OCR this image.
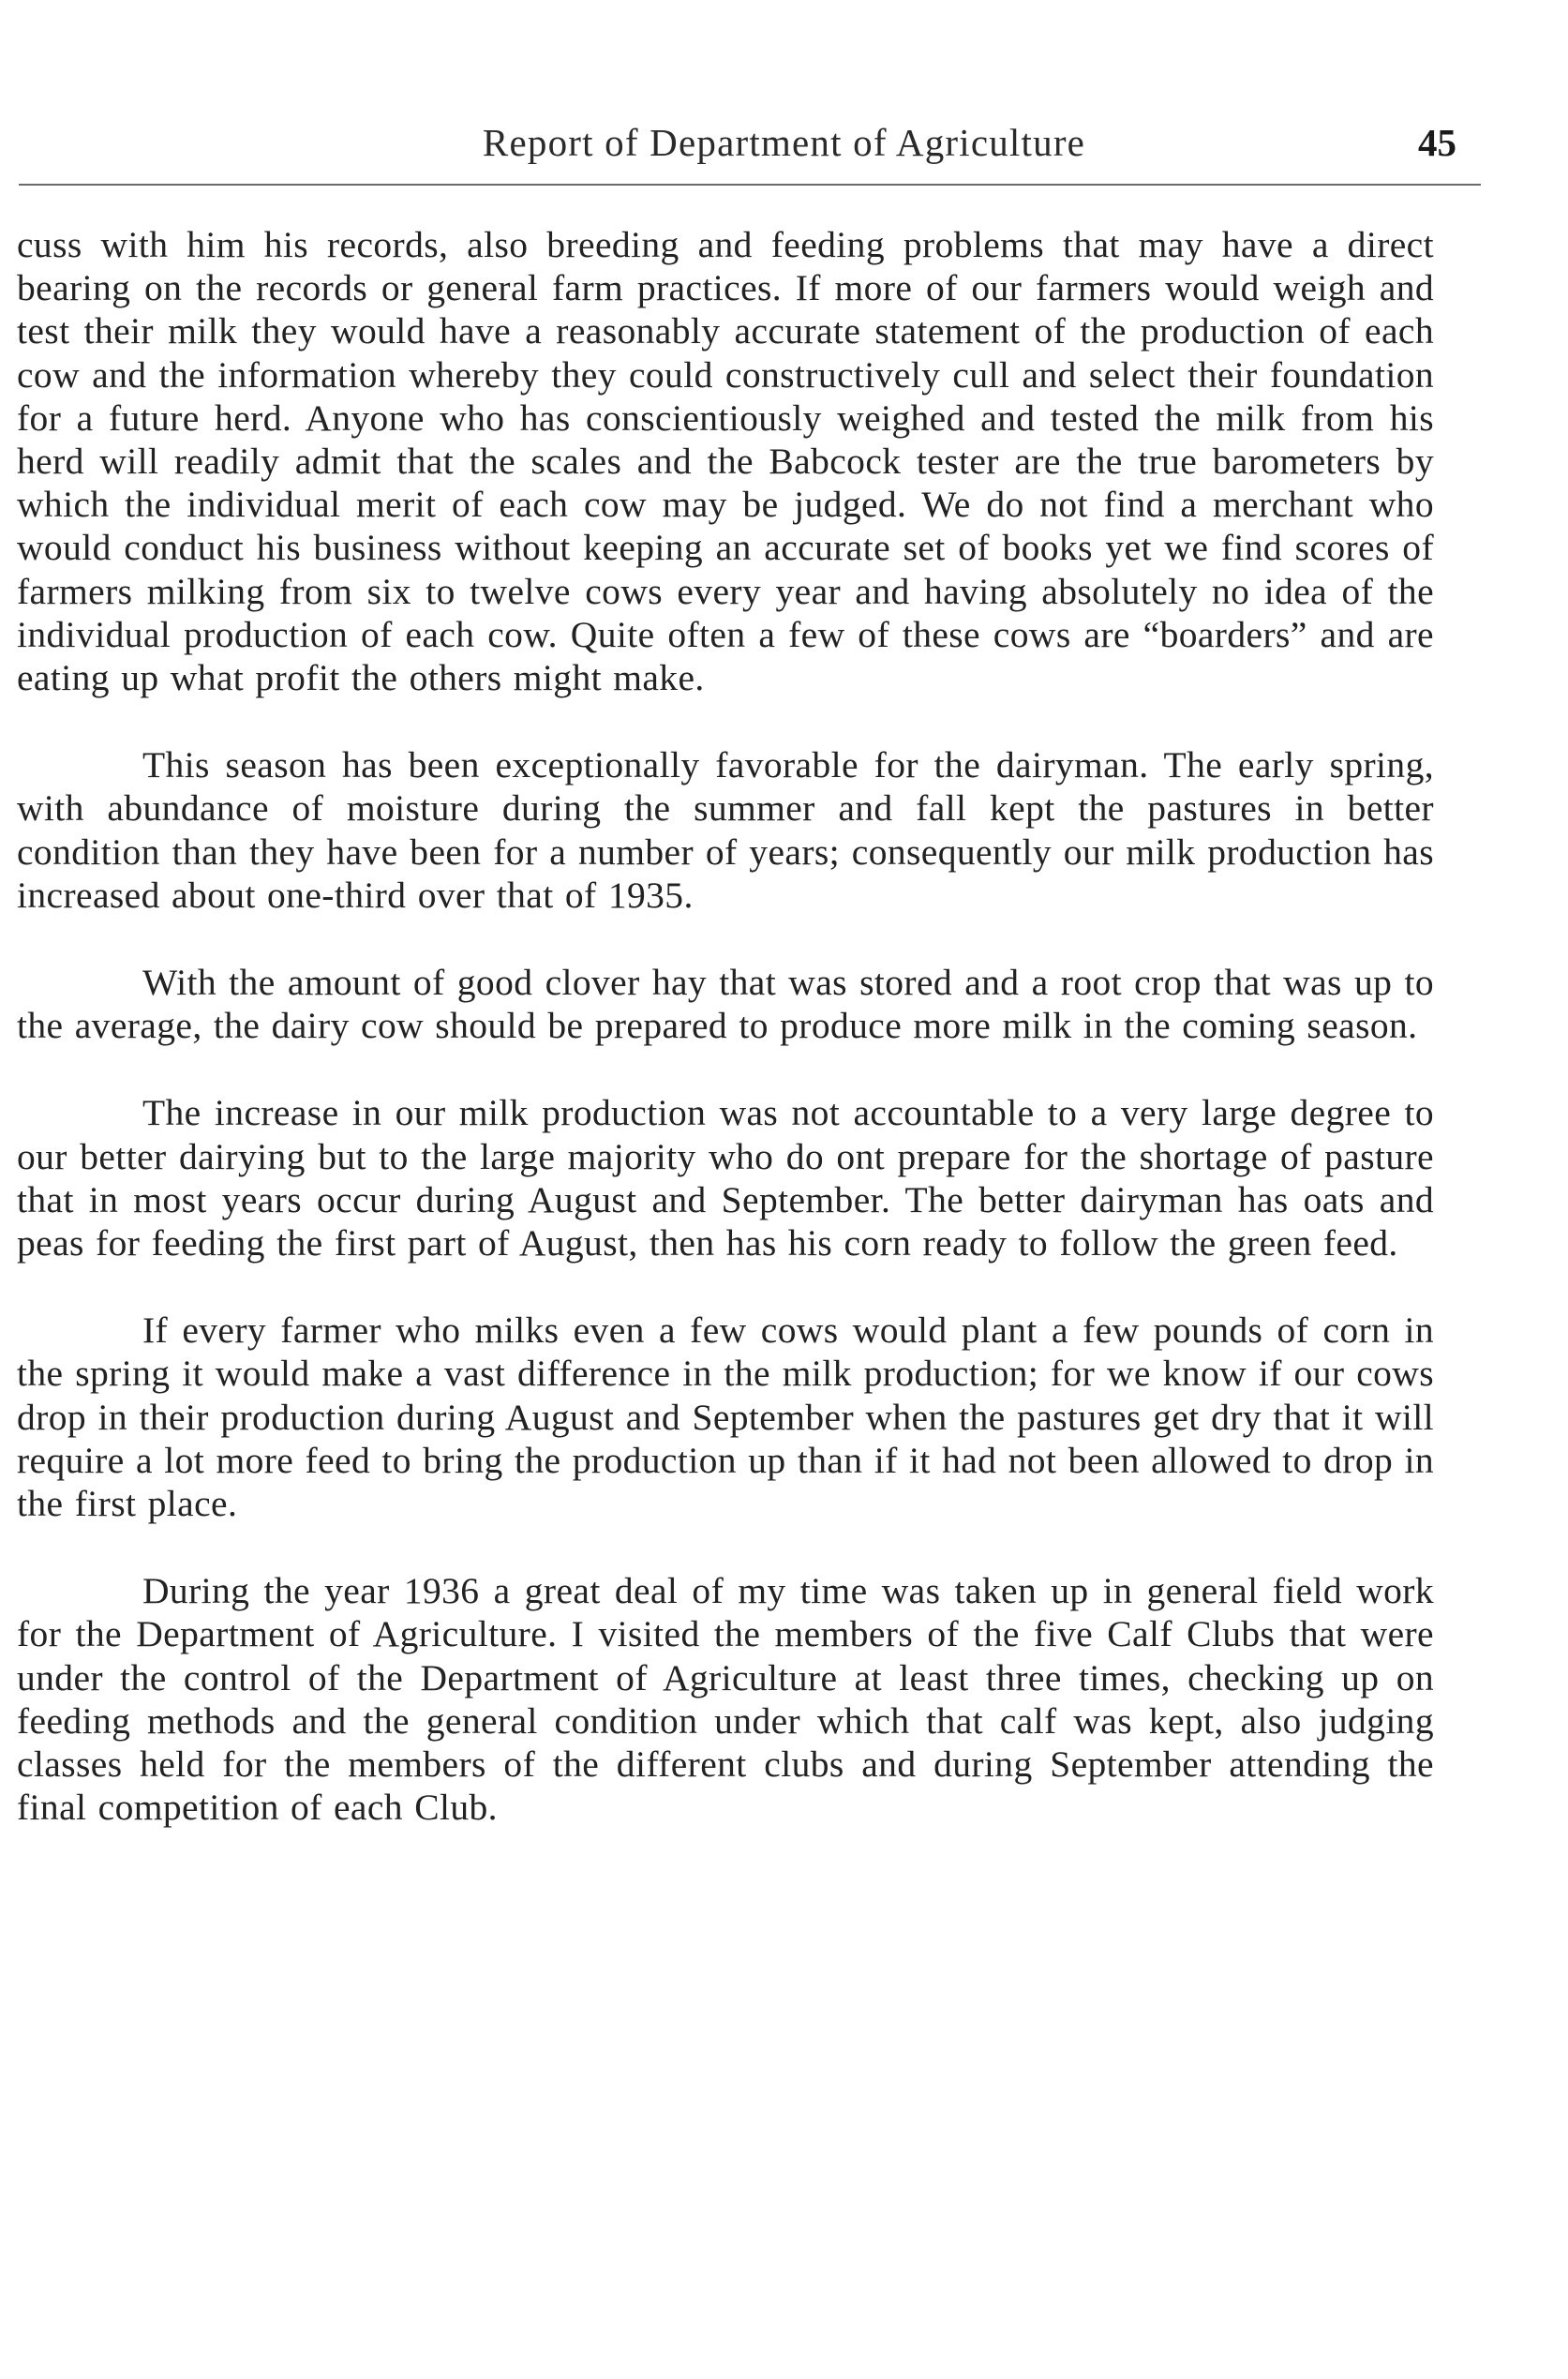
Report of Department of Agriculture	45

cuss with him his records, also breeding and feeding problems that may have a direct bearing on the records or general farm practices. If more of our farmers would weigh and test their milk they would have a reasonably accurate statement of the production of each cow and the information whereby they could constructively cull and select their foundation for a future herd. Anyone who has conscientiously weighed and tested the milk from his herd will readily admit that the scales and the Babcock tester are the true barometers by which the individual merit of each cow may be judged. We do not find a merchant who would conduct his business without keeping an accurate set of books yet we find scores of farmers milking from six to twelve cows every year and having absolutely no idea of the individual production of each cow. Quite often a few of these cows are “boarders” and are eating up what profit the others might make.

This season has been exceptionally favorable for the dairyman. The early spring, with abundance of moisture during the summer and fall kept the pastures in better condition than they have been for a number of years; consequently our milk production has increased about one-third over that of 1935.

With the amount of good clover hay that was stored and a root crop that was up to the average, the dairy cow should be prepared to produce more milk in the coming season.

The increase in our milk production was not accountable to a very large degree to our better dairying but to the large majority who do ont prepare for the shortage of pasture that in most years occur during August and September. The better dairyman has oats and peas for feeding the first part of August, then has his corn ready to follow the green feed.

If every farmer who milks even a few cows would plant a few pounds of corn in the spring it would make a vast difference in the milk production; for we know if our cows drop in their production during August and September when the pastures get dry that it will require a lot more feed to bring the production up than if it had not been allowed to drop in the first place.

During the year 1936 a great deal of my time was taken up in general field work for the Department of Agriculture. I visited the members of the five Calf Clubs that were under the control of the Department of Agriculture at least three times, checking up on feeding methods and the general condition under which that calf was kept, also judging classes held for the members of the different clubs and during September attending the final competition of each Club.
